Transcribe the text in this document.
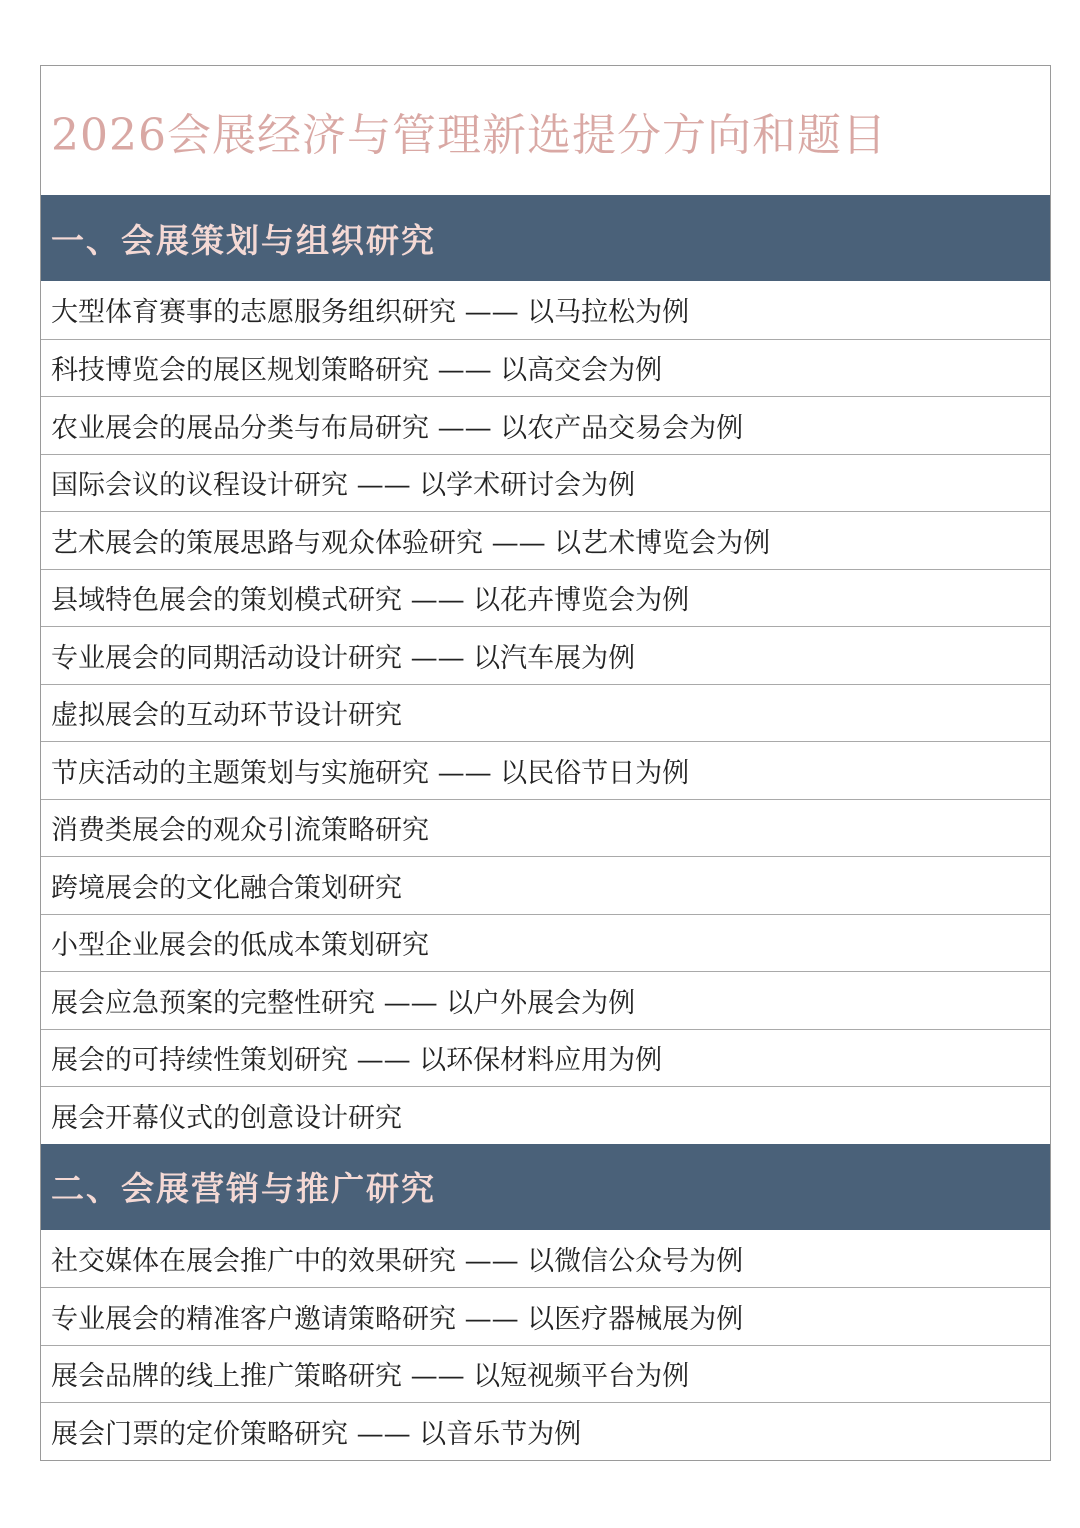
2026会展经济与管理新选提分方向和题目
一、会展策划与组织研究
大型体育赛事的志愿服务组织研究 —— 以马拉松为例
科技博览会的展区规划策略研究 —— 以高交会为例
农业展会的展品分类与布局研究 —— 以农产品交易会为例
国际会议的议程设计研究 —— 以学术研讨会为例
艺术展会的策展思路与观众体验研究 —— 以艺术博览会为例
县域特色展会的策划模式研究 —— 以花卉博览会为例
专业展会的同期活动设计研究 —— 以汽车展为例
虚拟展会的互动环节设计研究
节庆活动的主题策划与实施研究 —— 以民俗节日为例
消费类展会的观众引流策略研究
跨境展会的文化融合策划研究
小型企业展会的低成本策划研究
展会应急预案的完整性研究 —— 以户外展会为例
展会的可持续性策划研究 —— 以环保材料应用为例
展会开幕仪式的创意设计研究
二、会展营销与推广研究
社交媒体在展会推广中的效果研究 —— 以微信公众号为例
专业展会的精准客户邀请策略研究 —— 以医疗器械展为例
展会品牌的线上推广策略研究 —— 以短视频平台为例
展会门票的定价策略研究 —— 以音乐节为例
